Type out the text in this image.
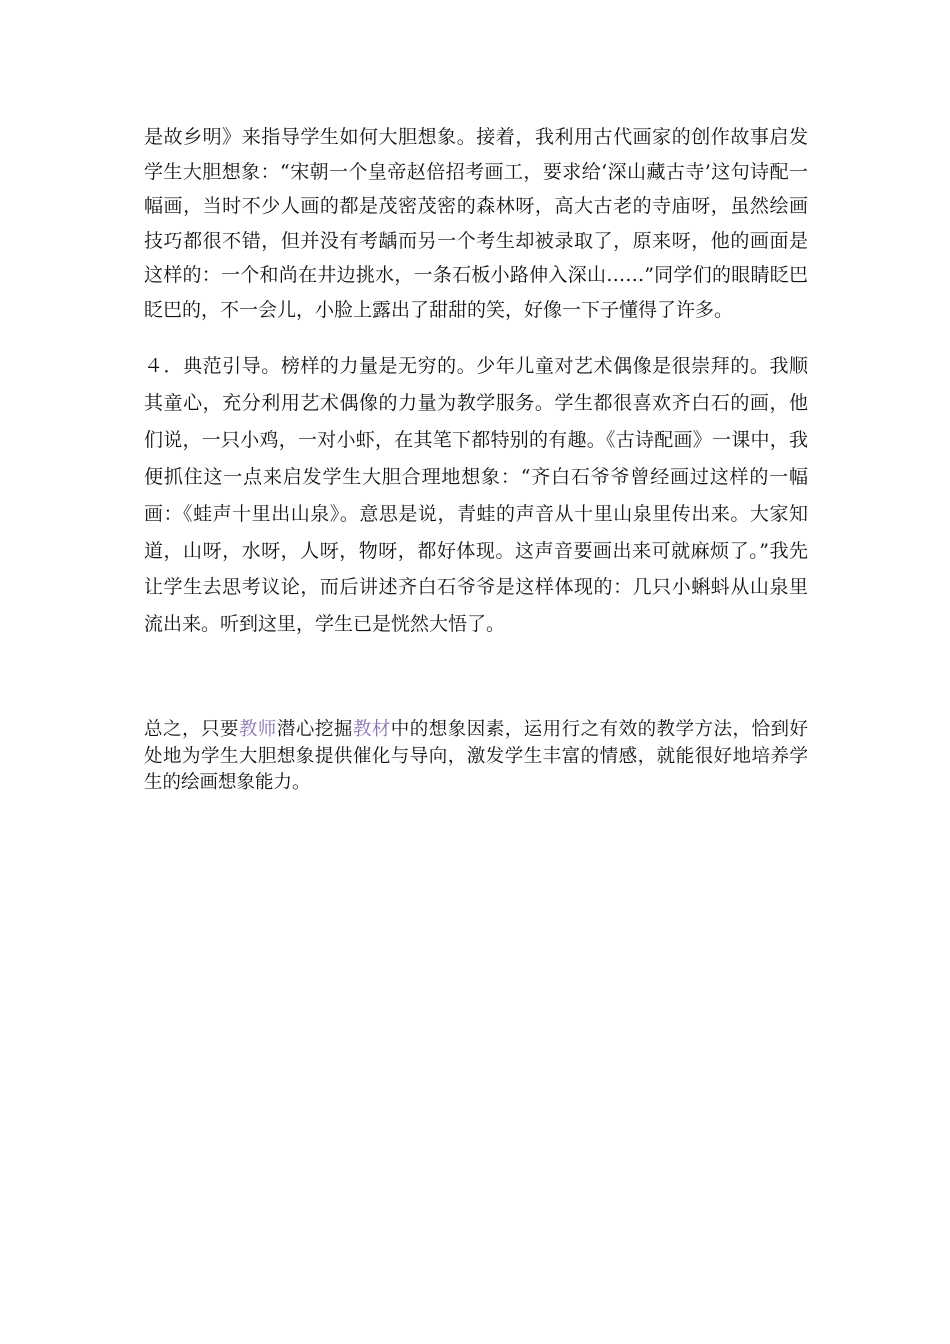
是故乡明》来指导学生如何大胆想象。接着，我利用古代画家的创作故事启发学生大胆想象：“宋朝一个皇帝赵倍招考画工，要求给‘深山藏古寺’这句诗配一幅画，当时不少人画的都是茂密茂密的森林呀，高大古老的寺庙呀，虽然绘画技巧都很不错，但并没有考龋而另一个考生却被录取了，原来呀，他的画面是这样的：一个和尚在井边挑水，一条石板小路伸入深山……”同学们的眼睛眨巴眨巴的，不一会儿，小脸上露出了甜甜的笑，好像一下子懂得了许多。

４．典范引导。榜样的力量是无穷的。少年儿童对艺术偶像是很崇拜的。我顺其童心，充分利用艺术偶像的力量为教学服务。学生都很喜欢齐白石的画，他们说，一只小鸡，一对小虾，在其笔下都特别的有趣。《古诗配画》一课中，我便抓住这一点来启发学生大胆合理地想象：“齐白石爷爷曾经画过这样的一幅画：《蛙声十里出山泉》。意思是说，青蛙的声音从十里山泉里传出来。大家知道，山呀，水呀，人呀，物呀，都好体现。这声音要画出来可就麻烦了。”我先让学生去思考议论，而后讲述齐白石爷爷是这样体现的：几只小蝌蚪从山泉里流出来。听到这里，学生已是恍然大悟了。

总之，只要教师潜心挖掘教材中的想象因素，运用行之有效的教学方法，恰到好处地为学生大胆想象提供催化与导向，激发学生丰富的情感，就能很好地培养学生的绘画想象能力。
